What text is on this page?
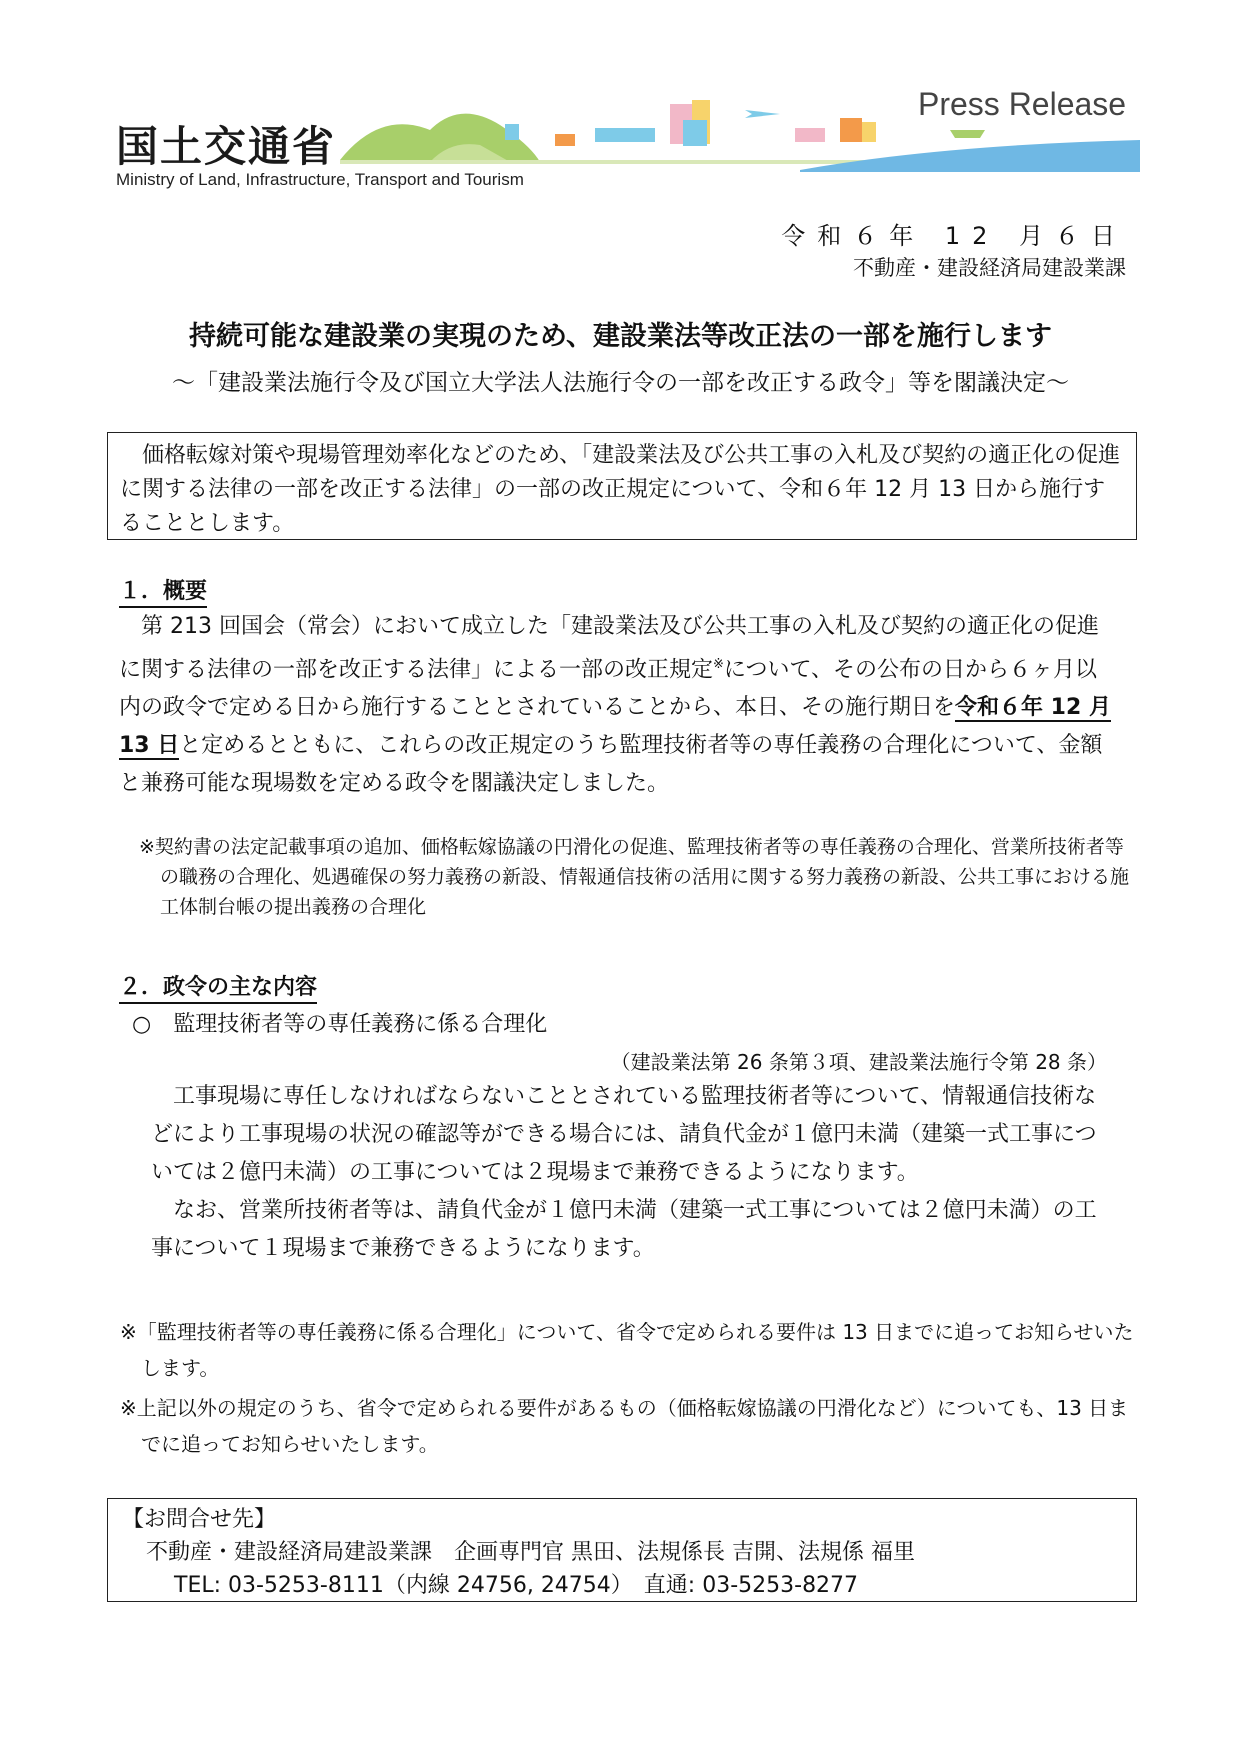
国土交通省
Ministry of Land, Infrastructure, Transport and Tourism
Press Release
令和６年 12 月６日
不動産・建設経済局建設業課
持続可能な建設業の実現のため、建設業法等改正法の一部を施行します
～「建設業法施行令及び国立大学法人法施行令の一部を改正する政令」等を閣議決定～

価格転嫁対策や現場管理効率化などのため、「建設業法及び公共工事の入札及び契約の適正化の促進に関する法律の一部を改正する法律」の一部の改正規定について、令和６年 12 月 13 日から施行することとします。

１．概要

第 213 回国会（常会）において成立した「建設業法及び公共工事の入札及び契約の適正化の促進に関する法律の一部を改正する法律」による一部の改正規定※について、その公布の日から６ヶ月以内の政令で定める日から施行することとされていることから、本日、その施行期日を令和６年 12 月 13 日と定めるとともに、これらの改正規定のうち監理技術者等の専任義務の合理化について、金額と兼務可能な現場数を定める政令を閣議決定しました。

※契約書の法定記載事項の追加、価格転嫁協議の円滑化の促進、監理技術者等の専任義務の合理化、営業所技術者等の職務の合理化、処遇確保の努力義務の新設、情報通信技術の活用に関する努力義務の新設、公共工事における施工体制台帳の提出義務の合理化
２．政令の主な内容
○　監理技術者等の専任義務に係る合理化
（建設業法第 26 条第３項、建設業法施行令第 28 条）

工事現場に専任しなければならないこととされている監理技術者等について、情報通信技術などにより工事現場の状況の確認等ができる場合には、請負代金が１億円未満（建築一式工事については２億円未満）の工事については２現場まで兼務できるようになります。

なお、営業所技術者等は、請負代金が１億円未満（建築一式工事については２億円未満）の工事について１現場まで兼務できるようになります。

※「監理技術者等の専任義務に係る合理化」について、省令で定められる要件は 13 日までに追ってお知らせいたします。
※上記以外の規定のうち、省令で定められる要件があるもの（価格転嫁協議の円滑化など）についても、13 日までに追ってお知らせいたします。
【お問合せ先】
不動産・建設経済局建設業課　企画専門官 黒田、法規係長 吉開、法規係 福里
TEL: 03-5253-8111（内線 24756, 24754）　直通: 03-5253-8277
